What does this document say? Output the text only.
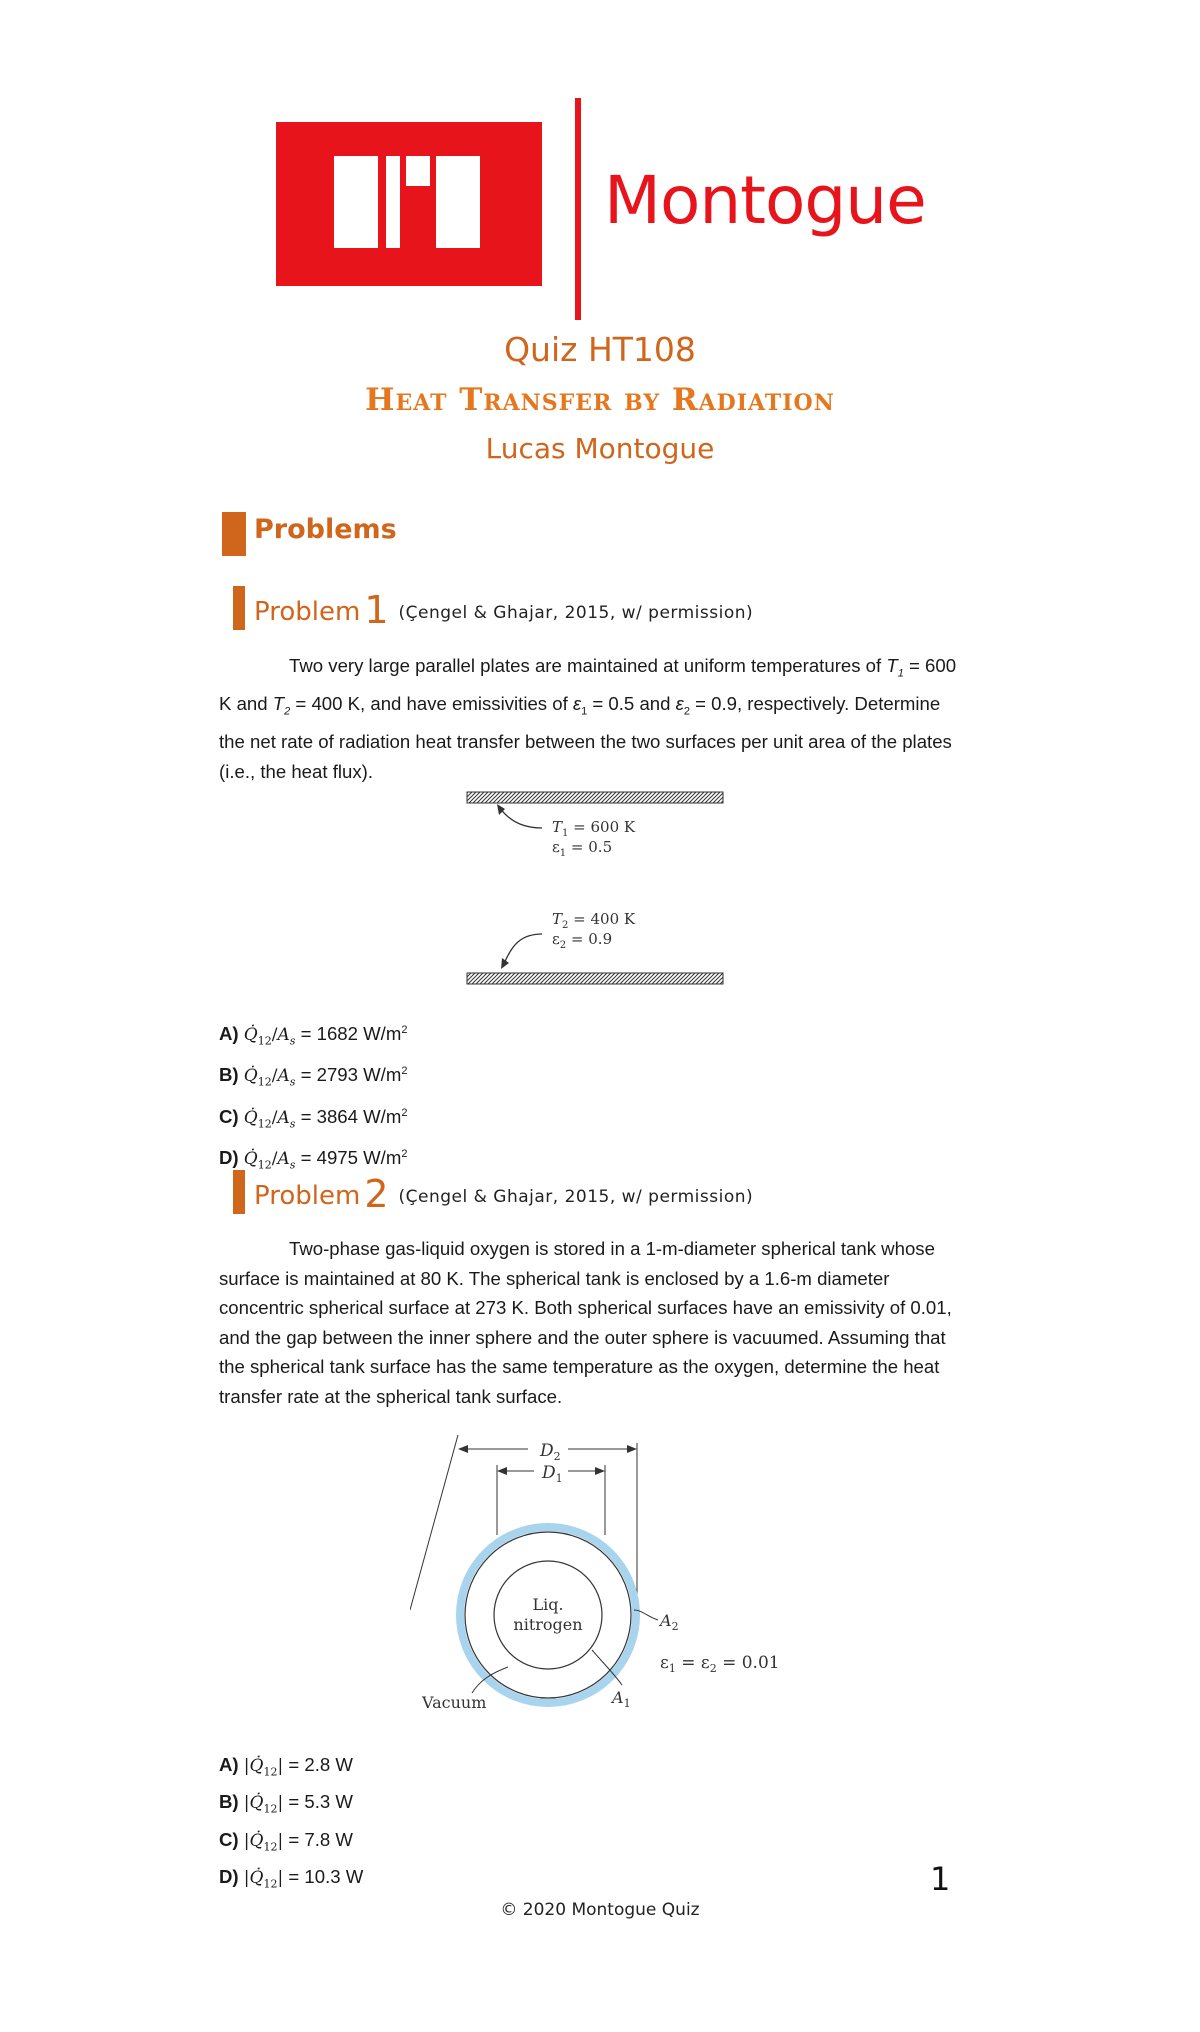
Montogue
Quiz HT108
Heat Transfer by Radiation
Lucas Montogue
Problems
Problem 1 (Çengel & Ghajar, 2015, w/ permission)
Two very large parallel plates are maintained at uniform temperatures of $T_1 = 600$ K and $T_2 = 400$ K, and have emissivities of $\varepsilon_1 = 0.5$ and $\varepsilon_2 = 0.9$, respectively. Determine the net rate of radiation heat transfer between the two surfaces per unit area of the plates (i.e., the heat flux).
$T_1 = 600$ K
$\varepsilon_1 = 0.5$
$T_2 = 400$ K
$\varepsilon_2 = 0.9$
A) $Q̇_{12}/A_s = 1682$ $W/m^2$
B) $Q̇_{12}/A_s = 2793$ $W/m^2$
C) $Q̇_{12}/A_s = 3864$ $W/m^2$
D) $Q̇_{12}/A_s = 4975$ $W/m^2$
Problem 2 (Çengel & Ghajar, 2015, w/ permission)
Two-phase gas-liquid oxygen is stored in a 1-m-diameter spherical tank whose surface is maintained at 80 K. The spherical tank is enclosed by a 1.6-m diameter concentric spherical surface at 273 K. Both spherical surfaces have an emissivity of 0.01, and the gap between the inner sphere and the outer sphere is vacuumed. Assuming that the spherical tank surface has the same temperature as the oxygen, determine the heat transfer rate at the spherical tank surface.
$D_2$
$D_1$
Liq.
nitrogen	$A_2$
$A_1$
$\varepsilon_1 = \varepsilon_2 = 0.01$
Vacuum
A) $|Q̇_{12}| = 2.8$ W
B) $|Q̇_{12}| = 5.3$ W
C) $|Q̇_{12}| = 7.8$ W
D) $|Q̇_{12}| = 10.3$ W	1
© 2020 Montogue Quiz
